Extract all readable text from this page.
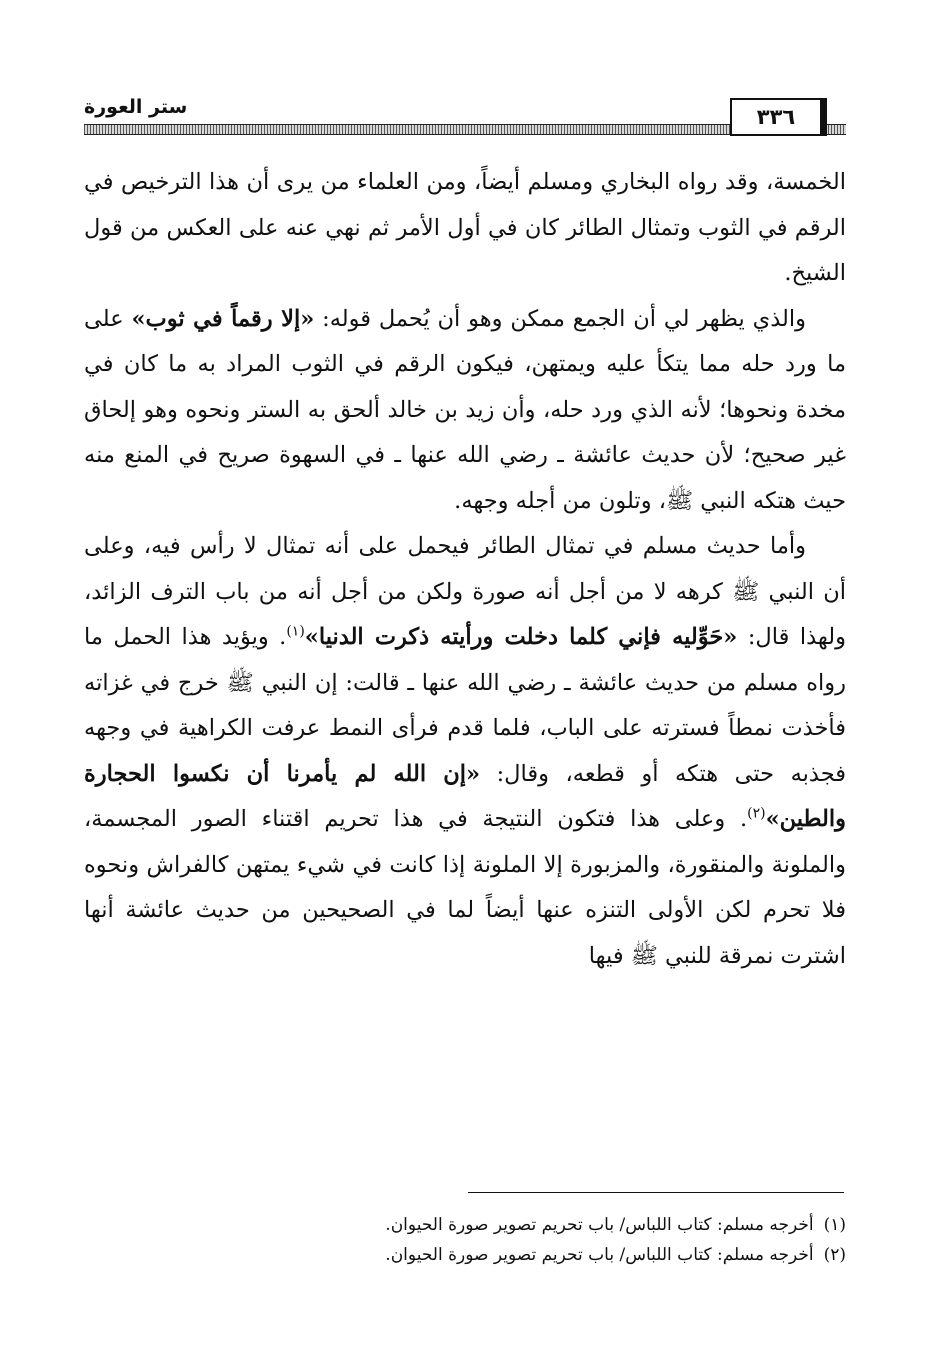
ستر العورة	٣٣٦

الخمسة، وقد رواه البخاري ومسلم أيضاً، ومن العلماء من يرى أن هذا الترخيص في الرقم في الثوب وتمثال الطائر كان في أول الأمر ثم نهي عنه على العكس من قول الشيخ.

والذي يظهر لي أن الجمع ممكن وهو أن يُحمل قوله: «إلا رقماً في ثوب» على ما ورد حله مما يتكأ عليه ويمتهن، فيكون الرقم في الثوب المراد به ما كان في مخدة ونحوها؛ لأنه الذي ورد حله، وأن زيد بن خالد ألحق به الستر ونحوه وهو إلحاق غير صحيح؛ لأن حديث عائشة ـ رضي الله عنها ـ في السهوة صريح في المنع منه حيث هتكه النبي ﷺ، وتلون من أجله وجهه.

وأما حديث مسلم في تمثال الطائر فيحمل على أنه تمثال لا رأس فيه، وعلى أن النبي ﷺ كرهه لا من أجل أنه صورة ولكن من أجل أنه من باب الترف الزائد، ولهذا قال: «حَوِّليه فإني كلما دخلت ورأيته ذكرت الدنيا»$^{(١)}$. ويؤيد هذا الحمل ما رواه مسلم من حديث عائشة ـ رضي الله عنها ـ قالت: إن النبي ﷺ خرج في غزاته فأخذت نمطاً فسترته على الباب، فلما قدم فرأى النمط عرفت الكراهية في وجهه فجذبه حتى هتكه أو قطعه، وقال: «إن الله لم يأمرنا أن نكسوا الحجارة والطين»$^{(٢)}$. وعلى هذا فتكون النتيجة في هذا تحريم اقتناء الصور المجسمة، والملونة والمنقورة، والمزبورة إلا الملونة إذا كانت في شيء يمتهن كالفراش ونحوه فلا تحرم لكن الأولى التنزه عنها أيضاً لما في الصحيحين من حديث عائشة أنها اشترت نمرقة للنبي ﷺ فيها

(١)أخرجه مسلم: كتاب اللباس/ باب تحريم تصوير صورة الحيوان.
(٢)أخرجه مسلم: كتاب اللباس/ باب تحريم تصوير صورة الحيوان.
